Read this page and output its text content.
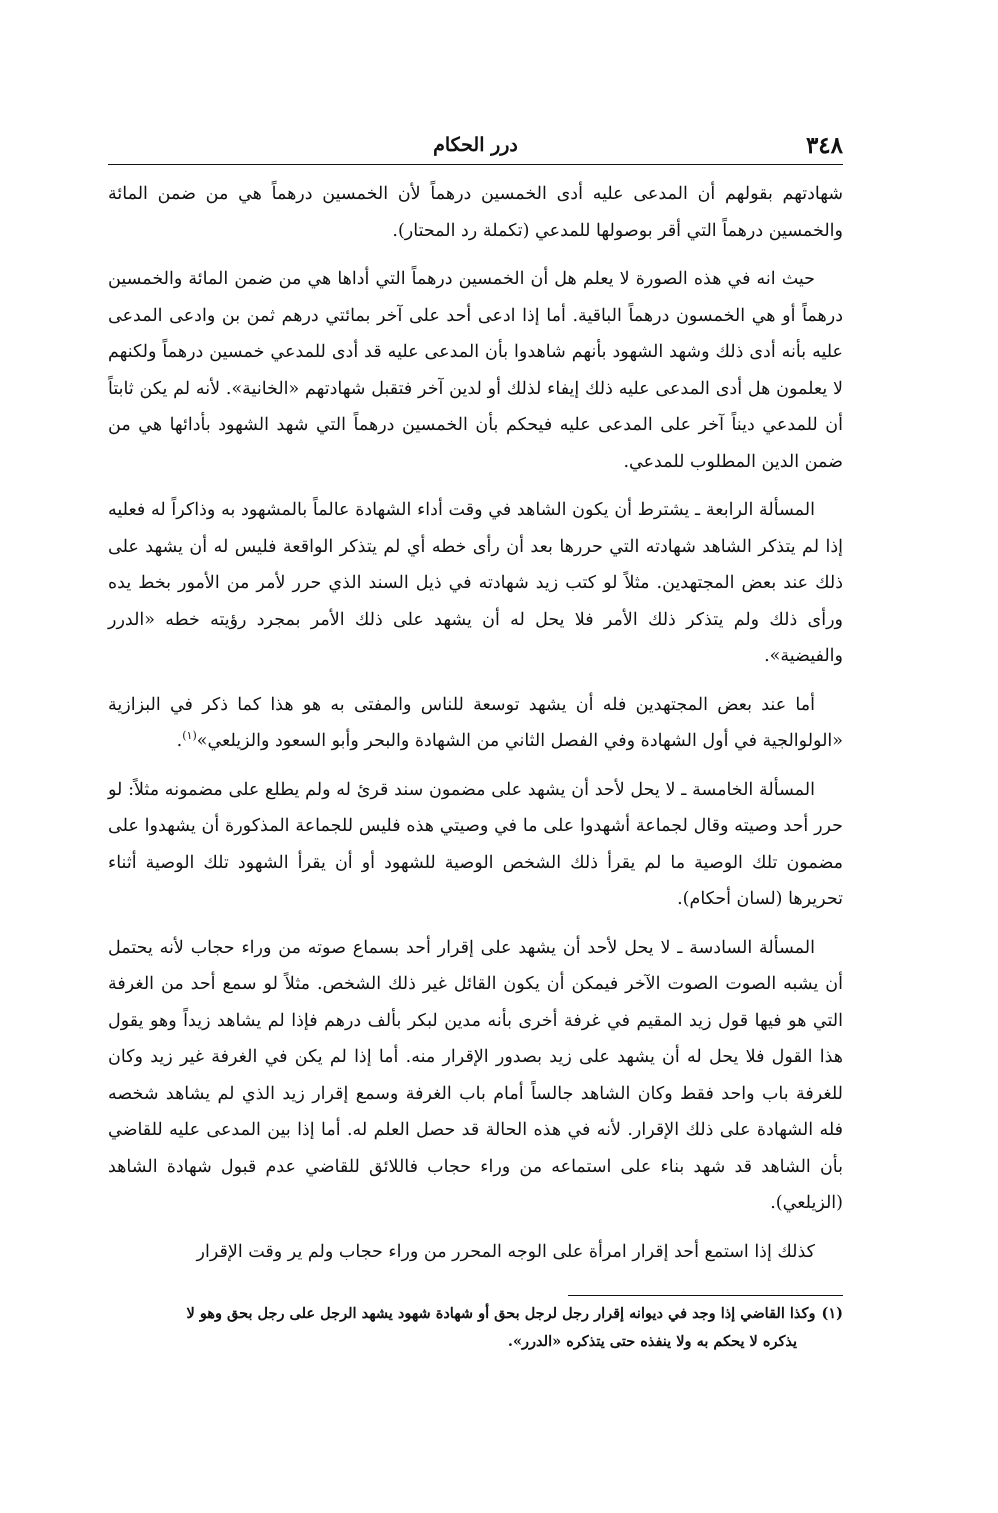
٣٤٨
درر الحكام

شهادتهم بقولهم أن المدعى عليه أدى الخمسين درهماً لأن الخمسين درهماً هي من ضمن المائة والخمسين درهماً التي أقر بوصولها للمدعي (تكملة رد المحتار).

حيث انه في هذه الصورة لا يعلم هل أن الخمسين درهماً التي أداها هي من ضمن المائة والخمسين درهماً أو هي الخمسون درهماً الباقية. أما إذا ادعى أحد على آخر بمائتي درهم ثمن بن وادعى المدعى عليه بأنه أدى ذلك وشهد الشهود بأنهم شاهدوا بأن المدعى عليه قد أدى للمدعي خمسين درهماً ولكنهم لا يعلمون هل أدى المدعى عليه ذلك إيفاء لذلك أو لدين آخر فتقبل شهادتهم «الخانية». لأنه لم يكن ثابتاً أن للمدعي ديناً آخر على المدعى عليه فيحكم بأن الخمسين درهماً التي شهد الشهود بأدائها هي من ضمن الدين المطلوب للمدعي.

المسألة الرابعة ـ يشترط أن يكون الشاهد في وقت أداء الشهادة عالماً بالمشهود به وذاكراً له فعليه إذا لم يتذكر الشاهد شهادته التي حررها بعد أن رأى خطه أي لم يتذكر الواقعة فليس له أن يشهد على ذلك عند بعض المجتهدين. مثلاً لو كتب زيد شهادته في ذيل السند الذي حرر لأمر من الأمور بخط يده ورأى ذلك ولم يتذكر ذلك الأمر فلا يحل له أن يشهد على ذلك الأمر بمجرد رؤيته خطه «الدرر والفيضية».

أما عند بعض المجتهدين فله أن يشهد توسعة للناس والمفتى به هو هذا كما ذكر في البزازية «الولوالجية في أول الشهادة وفي الفصل الثاني من الشهادة والبحر وأبو السعود والزيلعي»$^{(١)}$.

المسألة الخامسة ـ لا يحل لأحد أن يشهد على مضمون سند قرئ له ولم يطلع على مضمونه مثلاً: لو حرر أحد وصيته وقال لجماعة أشهدوا على ما في وصيتي هذه فليس للجماعة المذكورة أن يشهدوا على مضمون تلك الوصية ما لم يقرأ ذلك الشخص الوصية للشهود أو أن يقرأ الشهود تلك الوصية أثناء تحريرها (لسان أحكام).

المسألة السادسة ـ لا يحل لأحد أن يشهد على إقرار أحد بسماع صوته من وراء حجاب لأنه يحتمل أن يشبه الصوت الصوت الآخر فيمكن أن يكون القائل غير ذلك الشخص. مثلاً لو سمع أحد من الغرفة التي هو فيها قول زيد المقيم في غرفة أخرى بأنه مدين لبكر بألف درهم فإذا لم يشاهد زيداً وهو يقول هذا القول فلا يحل له أن يشهد على زيد بصدور الإقرار منه. أما إذا لم يكن في الغرفة غير زيد وكان للغرفة باب واحد فقط وكان الشاهد جالساً أمام باب الغرفة وسمع إقرار زيد الذي لم يشاهد شخصه فله الشهادة على ذلك الإقرار. لأنه في هذه الحالة قد حصل العلم له. أما إذا بين المدعى عليه للقاضي بأن الشاهد قد شهد بناء على استماعه من وراء حجاب فاللائق للقاضي عدم قبول شهادة الشاهد (الزيلعي).

كذلك إذا استمع أحد إقرار امرأة على الوجه المحرر من وراء حجاب ولم ير وقت الإقرار

(١)وكذا القاضي إذا وجد في ديوانه إقرار رجل لرجل بحق أو شهادة شهود يشهد الرجل على رجل بحق وهو لا
يذكره لا يحكم به ولا ينفذه حتى يتذكره «الدرر».
